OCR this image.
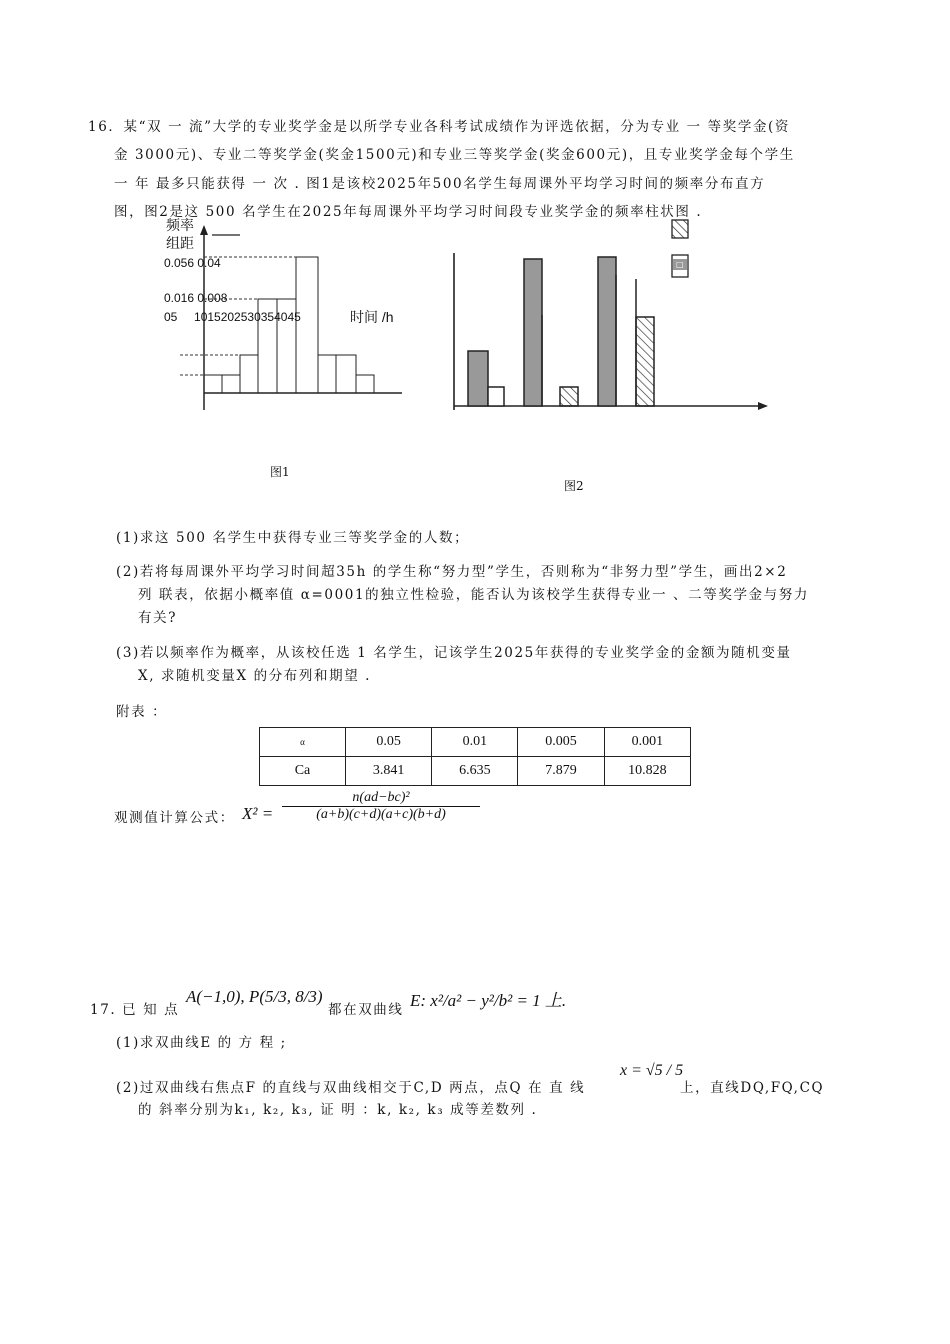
16．某“双 一 流”大学的专业奖学金是以所学专业各科考试成绩作为评选依据，分为专业 一 等奖学金(资
金 3000元)、专业二等奖学金(奖金1500元)和专业三等奖学金(奖金600元)，且专业奖学金每个学生
一 年 最多只能获得 一 次 . 图1是该校2025年500名学生每周课外平均学习时间的频率分布直方
图，图2是这 500 名学生在2025年每周课外平均学习时间段专业奖学金的频率柱状图 .
频率
组距
0.056 0.04
0.016 0.008
05     1015202530354045	时间 /h
图1
□
图2
(1)求这 500 名学生中获得专业三等奖学金的人数；
(2)若将每周课外平均学习时间超35h 的学生称“努力型”学生，否则称为“非努力型”学生，画出2×2
列 联表，依据小概率值 α=0001的独立性检验，能否认为该校学生获得专业一 、二等奖学金与努力
有关?
(3)若以频率作为概率，从该校任选 1 名学生，记该学生2025年获得的专业奖学金的金额为随机变量
X, 求随机变量X 的分布列和期望 .
附表 ：
α	0.05	0.01	0.005	0.001
Ca	3.841	6.635	7.879	10.828
观测值计算公式： $X^2 = \frac{\text{n(ad−bc)²}}{(a+b)(c+d)(a+c)(b+d)}$
17. 已 知 点
A(−1,0), P(5/3, 8/3)
都在双曲线 E: x²/a² − y²/b² = 1 上.
(1)求双曲线E 的 方 程 ;
(2)过双曲线右焦点F 的直线与双曲线相交于C,D 两点，点Q 在 直 线
x = √5 / 5
上，直线DQ,FQ,CQ
的 斜率分别为k₁, k₂, k₃, 证 明 ：k, k₂, k₃ 成等差数列 .
